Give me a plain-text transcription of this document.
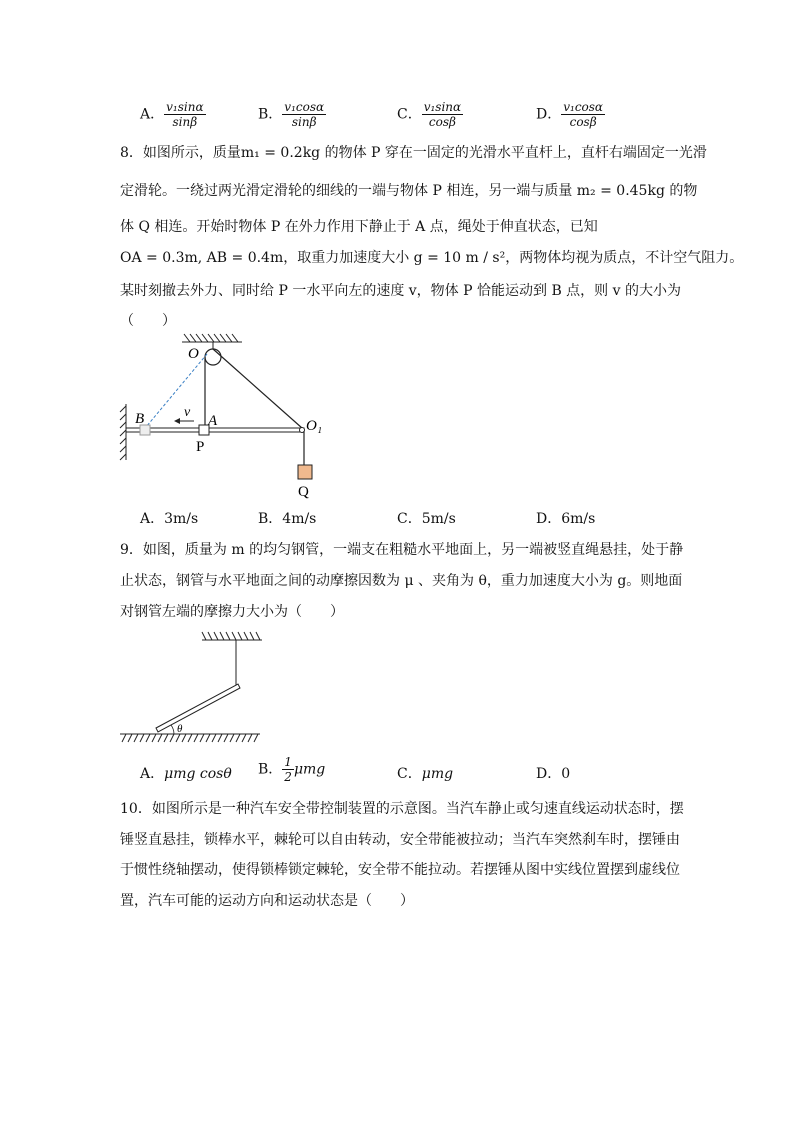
A． $\frac{\text{v₁sinα}}{\sin\beta}$	B． $\frac{\text{v₁cosα}}{\sin\beta}$	C． $\frac{\text{v₁sinα}}{\cos\beta}$	D． $\frac{\text{v₁cosα}}{\cos\beta}$
8．如图所示，质量m₁ = 0.2kg 的物体 P 穿在一固定的光滑水平直杆上，直杆右端固定一光滑
定滑轮。一绕过两光滑定滑轮的细线的一端与物体 P 相连，另一端与质量 m₂ = 0.45kg 的物
体 Q 相连。开始时物体 P 在外力作用下静止于 A 点，绳处于伸直状态，已知
OA = 0.3m, AB = 0.4m，取重力加速度大小 g = 10 m / s²，两物体均视为质点，不计空气阻力。
某时刻撤去外力、同时给 P 一水平向左的速度 v，物体 P 恰能运动到 B 点，则 v 的大小为
（　　）
O
B	v
A
P
O₁
Q
A．3m/s	B．4m/s	C．5m/s	D．6m/s
9．如图，质量为 m 的均匀钢管，一端支在粗糙水平地面上，另一端被竖直绳悬挂，处于静
止状态，钢管与水平地面之间的动摩擦因数为 μ 、夹角为 θ，重力加速度大小为 g。则地面
对钢管左端的摩擦力大小为（　　）
θ
A．μmg cosθ B． $\frac{1}{2}$ μmg	C．μmg	D．0
10．如图所示是一种汽车安全带控制装置的示意图。当汽车静止或匀速直线运动状态时，摆
锤竖直悬挂，锁棒水平，棘轮可以自由转动，安全带能被拉动；当汽车突然刹车时，摆锤由
于惯性绕轴摆动，使得锁棒锁定棘轮，安全带不能拉动。若摆锤从图中实线位置摆到虚线位
置，汽车可能的运动方向和运动状态是（　　）
